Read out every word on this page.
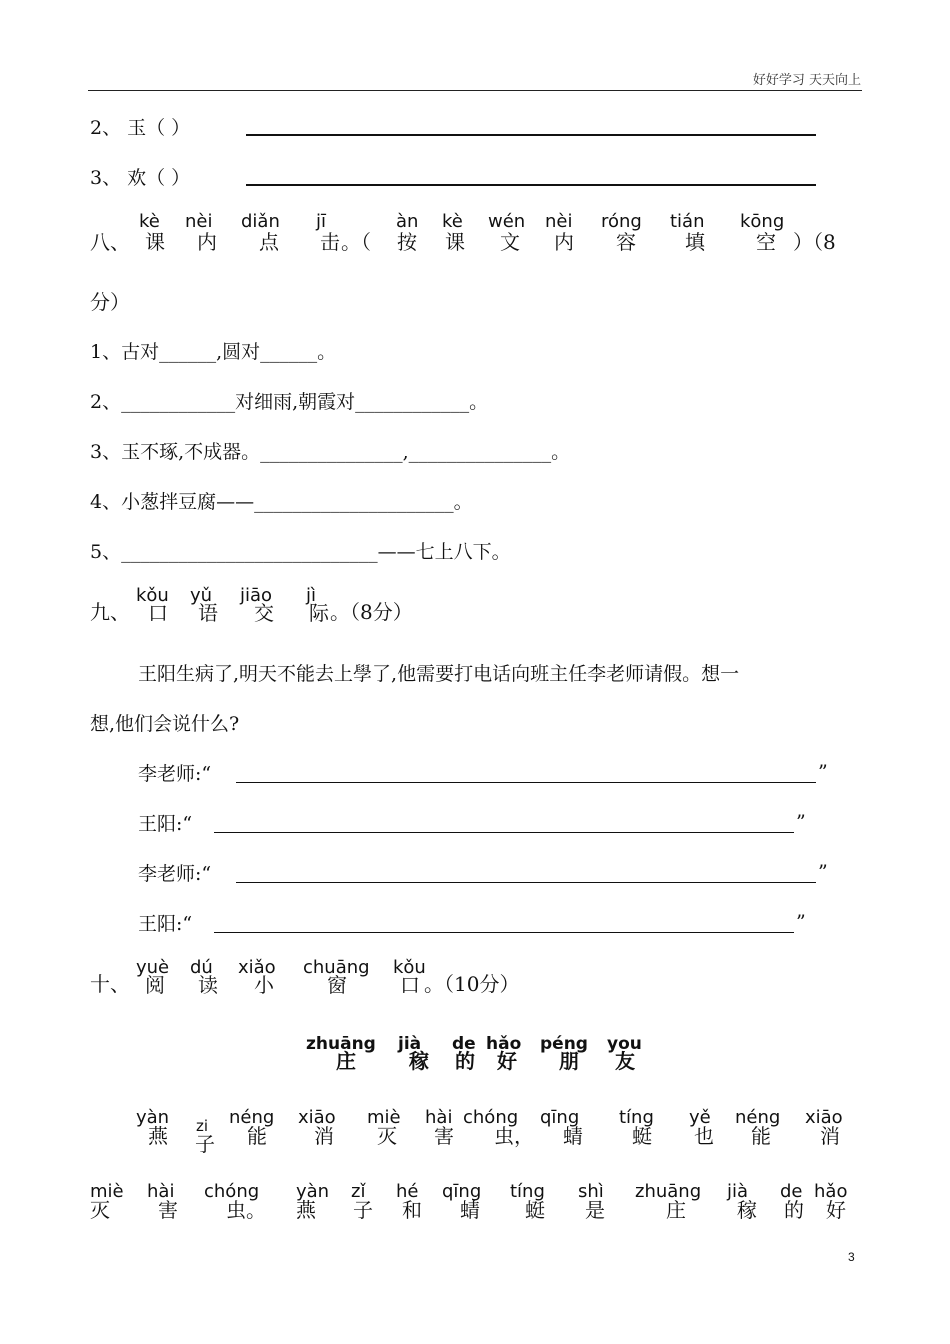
好好学习 天天向上
2、 玉（ ）
3、 欢（ ）
八、
kè nèi diǎn jī	àn kè wén nèi róng tián kōng
课 内 点 击 。（ 按 课 文 内 容 填	空 ）（8
分）
1、古对______,圆对______。
2、____________对细雨,朝霞对____________。
3、玉不琢,不成器。_______________,_______________。
4、小葱拌豆腐——_____________________。
5、___________________________——七上八下。
九、
kǒu yǔ jiāo jì
口 语 交 际 。（8分）
王阳生病了,明天不能去上學了,他需要打电话向班主任李老师请假。想一
想,他们会说什么?
李老师:“	”
王阳:“	”
李老师:“	”
王阳:“	”
十、
yuè dú xiǎo chuāng kǒu
阅 读 小	窗	口 。（10分）
zhuāng jià de hǎo péng you
庄	稼 的 好 朋 友
yàn zi néng xiāo miè hài chóng qīng tíng yě néng xiāo
燕 子 能 消 灭 害 虫， 蜻 蜓 也 能 消
miè hài chóng yàn zǐ hé qīng tíng shì zhuāng jià de hǎo
灭 害 虫。 燕 子 和 蜻 蜓 是	庄	稼 的 好
3
